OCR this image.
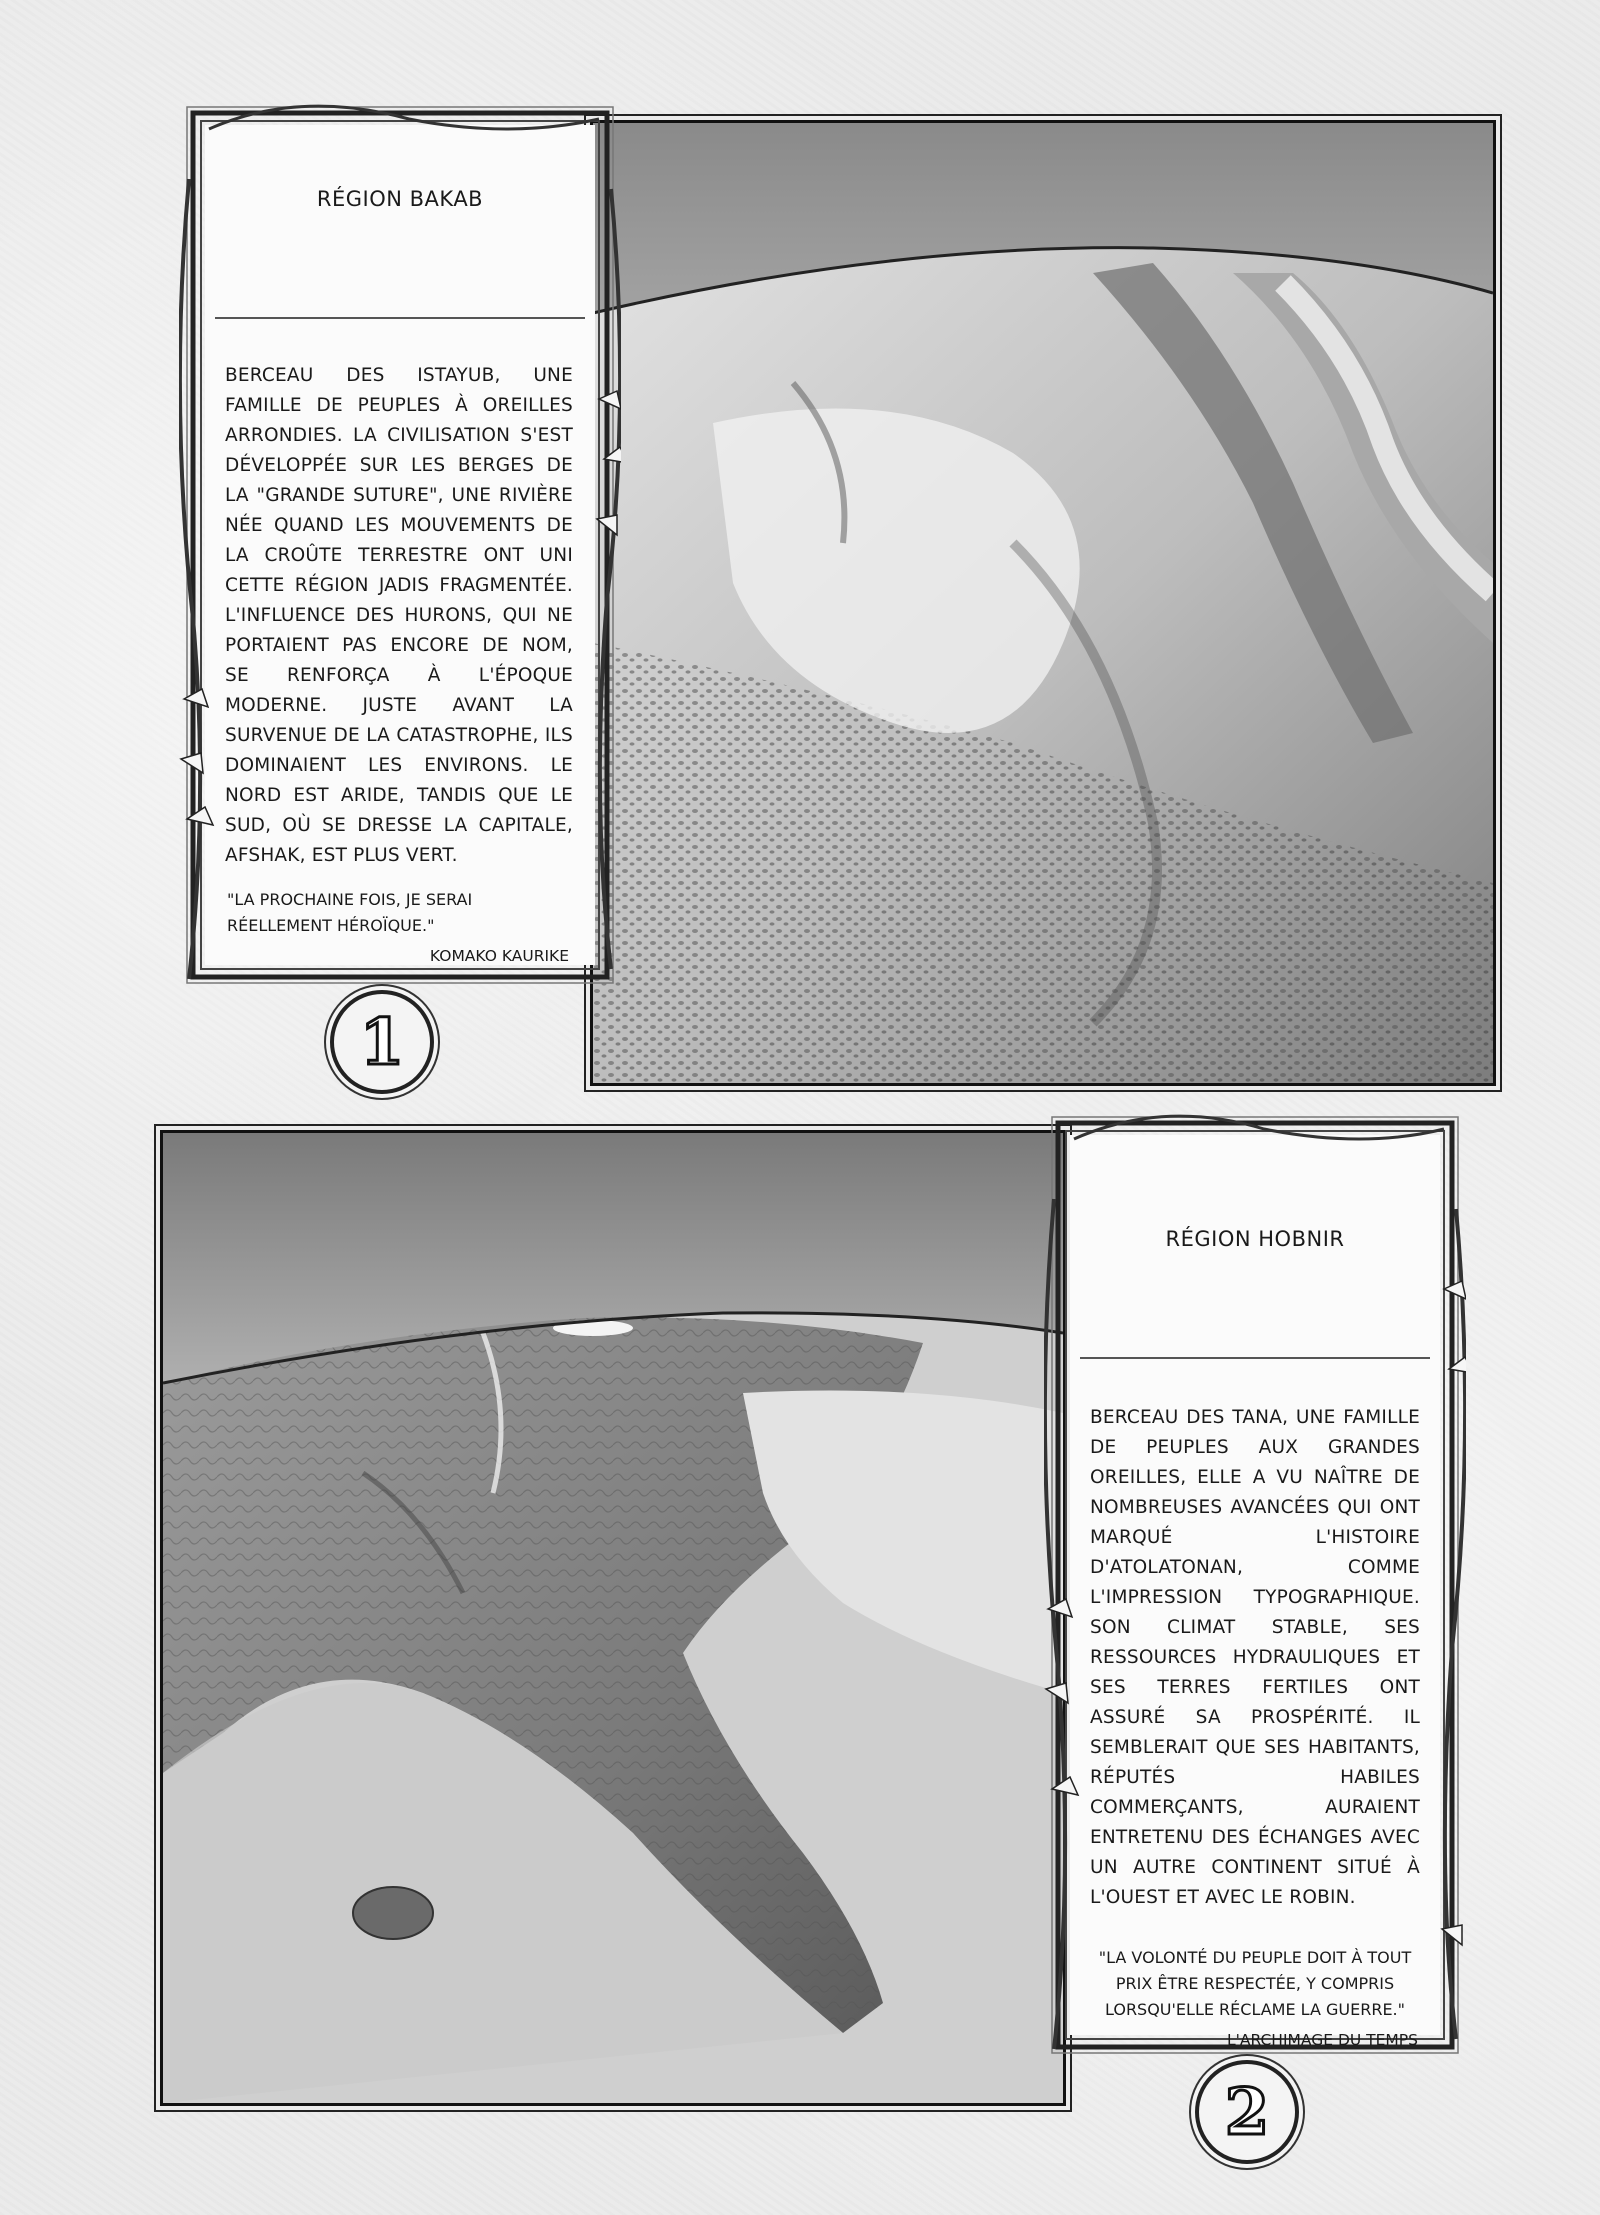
RÉGION BAKAB
BERCEAU DES ISTAYUB, UNE FAMILLE DE PEUPLES À OREILLES ARRONDIES. LA CIVILISATION S'EST DÉVELOPPÉE SUR LES BERGES DE LA "GRANDE SUTURE", UNE RIVIÈRE NÉE QUAND LES MOUVEMENTS DE LA CROÛTE TERRESTRE ONT UNI CETTE RÉGION JADIS FRAGMENTÉE. L'INFLUENCE DES HURONS, QUI NE PORTAIENT PAS ENCORE DE NOM, SE RENFORÇA À L'ÉPOQUE MODERNE. JUSTE AVANT LA SURVENUE DE LA CATASTROPHE, ILS DOMINAIENT LES ENVIRONS. LE NORD EST ARIDE, TANDIS QUE LE SUD, OÙ SE DRESSE LA CAPITALE, AFSHAK, EST PLUS VERT.
"LA PROCHAINE FOIS, JE SERAI RÉELLEMENT HÉROÏQUE."
KOMAKO KAURIKE
1
RÉGION HOBNIR
BERCEAU DES TANA, UNE FAMILLE DE PEUPLES AUX GRANDES OREILLES, ELLE A VU NAÎTRE DE NOMBREUSES AVANCÉES QUI ONT MARQUÉ L'HISTOIRE D'ATOLATONAN, COMME L'IMPRESSION TYPOGRAPHIQUE. SON CLIMAT STABLE, SES RESSOURCES HYDRAULIQUES ET SES TERRES FERTILES ONT ASSURÉ SA PROSPÉRITÉ. IL SEMBLERAIT QUE SES HABITANTS, RÉPUTÉS HABILES COMMERÇANTS, AURAIENT ENTRETENU DES ÉCHANGES AVEC UN AUTRE CONTINENT SITUÉ À L'OUEST ET AVEC LE ROBIN.
"LA VOLONTÉ DU PEUPLE DOIT À TOUT PRIX ÊTRE RESPECTÉE, Y COMPRIS LORSQU'ELLE RÉCLAME LA GUERRE."
L'ARCHIMAGE DU TEMPS
2
